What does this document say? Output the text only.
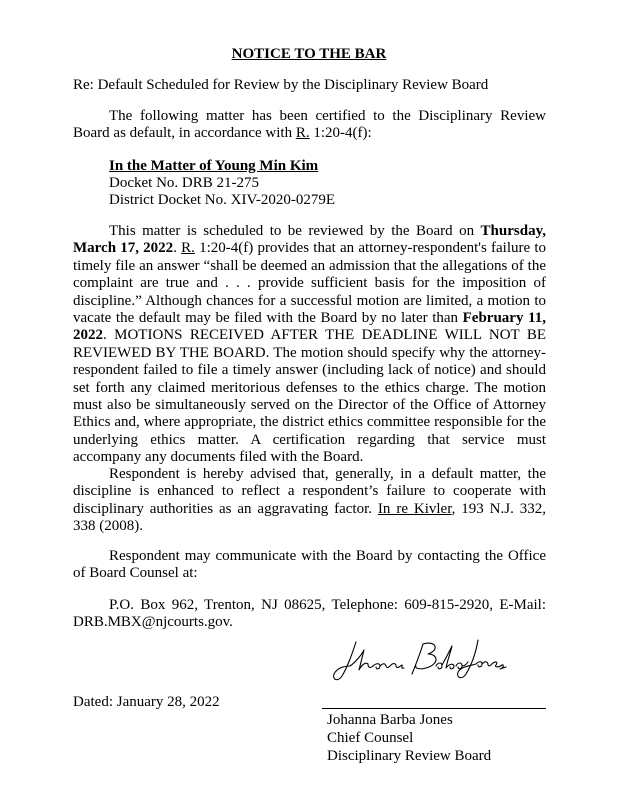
NOTICE TO THE BAR
Re: Default Scheduled for Review by the Disciplinary Review Board

The following matter has been certified to the Disciplinary Review Board as default, in accordance with R. 1:20-4(f):

In the Matter of Young Min Kim
Docket No. DRB 21-275
District Docket No. XIV-2020-0279E

This matter is scheduled to be reviewed by the Board on Thursday, March 17, 2022. R. 1:20-4(f) provides that an attorney-respondent's failure to timely file an answer “shall be deemed an admission that the allegations of the complaint are true and . . . provide sufficient basis for the imposition of discipline.” Although chances for a successful motion are limited, a motion to vacate the default may be filed with the Board by no later than February 11, 2022. MOTIONS RECEIVED AFTER THE DEADLINE WILL NOT BE REVIEWED BY THE BOARD. The motion should specify why the attorney-respondent failed to file a timely answer (including lack of notice) and should set forth any claimed meritorious defenses to the ethics charge. The motion must also be simultaneously served on the Director of the Office of Attorney Ethics and, where appropriate, the district ethics committee responsible for the underlying ethics matter. A certification regarding that service must accompany any documents filed with the Board.

Respondent is hereby advised that, generally, in a default matter, the discipline is enhanced to reflect a respondent’s failure to cooperate with disciplinary authorities as an aggravating factor. In re Kivler, 193 N.J. 332, 338 (2008).

Respondent may communicate with the Board by contacting the Office of Board Counsel at:

P.O. Box 962, Trenton, NJ 08625, Telephone: 609-815-2920, E-Mail: DRB.MBX@njcourts.gov.

Dated: January 28, 2022
Johanna Barba Jones
Chief Counsel
Disciplinary Review Board
